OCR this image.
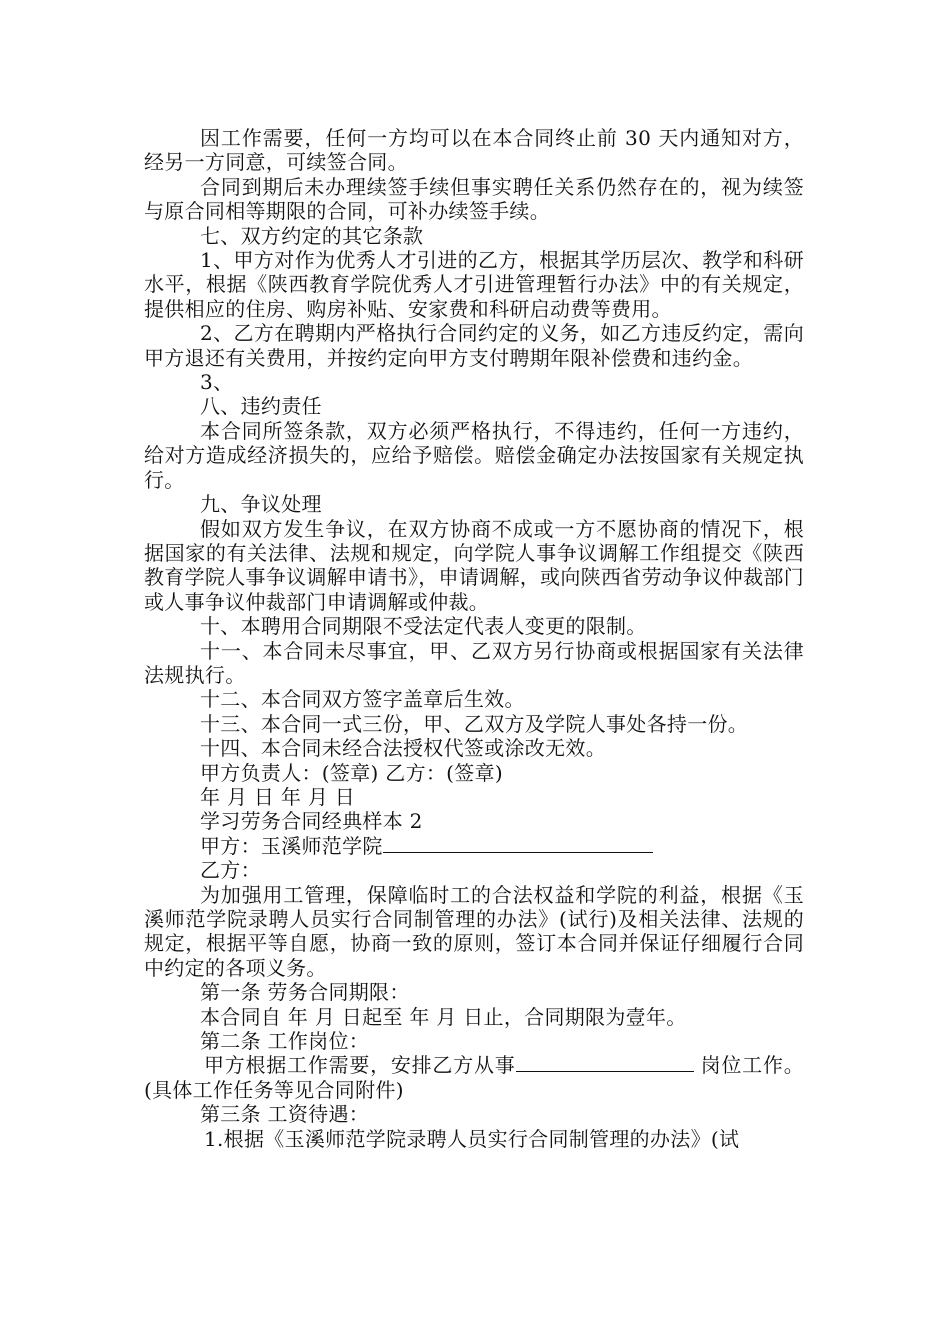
因工作需要，任何一方均可以在本合同终止前 30 天内通知对方，经另一方同意，可续签合同。

合同到期后未办理续签手续但事实聘任关系仍然存在的，视为续签与原合同相等期限的合同，可补办续签手续。

七、双方约定的其它条款

1、甲方对作为优秀人才引进的乙方，根据其学历层次、教学和科研水平，根据《陕西教育学院优秀人才引进管理暂行办法》中的有关规定，提供相应的住房、购房补贴、安家费和科研启动费等费用。

2、乙方在聘期内严格执行合同约定的义务，如乙方违反约定，需向甲方退还有关费用，并按约定向甲方支付聘期年限补偿费和违约金。

3、

八、违约责任

本合同所签条款，双方必须严格执行，不得违约，任何一方违约，给对方造成经济损失的，应给予赔偿。赔偿金确定办法按国家有关规定执行。

九、争议处理

假如双方发生争议，在双方协商不成或一方不愿协商的情况下，根据国家的有关法律、法规和规定，向学院人事争议调解工作组提交《陕西教育学院人事争议调解申请书》，申请调解，或向陕西省劳动争议仲裁部门或人事争议仲裁部门申请调解或仲裁。

十、本聘用合同期限不受法定代表人变更的限制。

十一、本合同未尽事宜，甲、乙双方另行协商或根据国家有关法律法规执行。

十二、本合同双方签字盖章后生效。

十三、本合同一式三份，甲、乙双方及学院人事处各持一份。

十四、本合同未经合法授权代签或涂改无效。

甲方负责人：(签章) 乙方：(签章)

年 月 日 年 月 日

学习劳务合同经典样本 2

甲方：玉溪师范学院

乙方：

为加强用工管理，保障临时工的合法权益和学院的利益，根据《玉溪师范学院录聘人员实行合同制管理的办法》(试行)及相关法律、法规的规定，根据平等自愿，协商一致的原则，签订本合同并保证仔细履行合同中约定的各项义务。

第一条 劳务合同期限：

本合同自 年 月 日起至 年 月 日止，合同期限为壹年。

第二条 工作岗位：

甲方根据工作需要，安排乙方从事	岗位工作。(具体工作任务等见合同附件)

第三条 工资待遇：

1.根据《玉溪师范学院录聘人员实行合同制管理的办法》(试
